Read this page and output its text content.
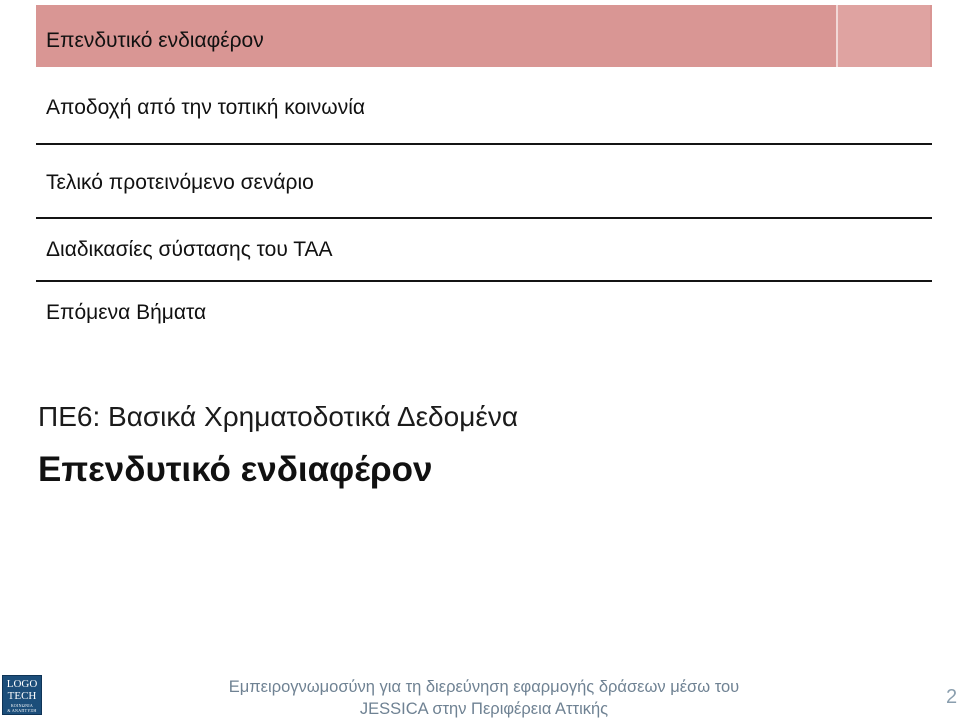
Επενδυτικό ενδιαφέρον
Αποδοχή από την τοπική κοινωνία
Τελικό προτεινόμενο σενάριο
Διαδικασίες σύστασης του ΤΑΑ
Επόμενα Βήματα
ΠΕ6: Βασικά Χρηματοδοτικά Δεδομένα
Επενδυτικό ενδιαφέρον
LOGO
TECH
ΚΟΙΝΩΝΙΑ
& ΑΝΑΠΤΥΞΗ
Εμπειρογνωμοσύνη για τη διερεύνηση εφαρμογής δράσεων μέσω του
JESSICA στην Περιφέρεια Αττικής
2
